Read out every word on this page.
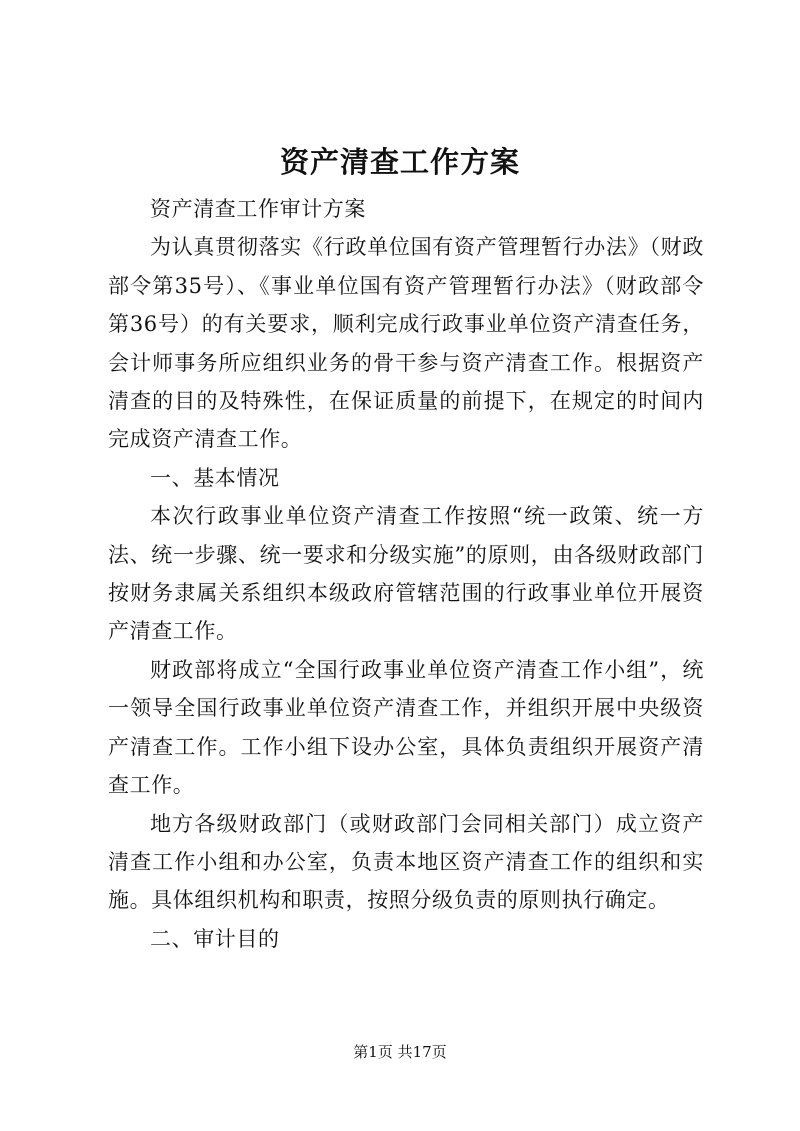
资产清查工作方案

资产清查工作审计方案

为认真贯彻落实《行政单位国有资产管理暂行办法》（财政部令第35号）、《事业单位国有资产管理暂行办法》（财政部令第36号）的有关要求，顺利完成行政事业单位资产清查任务，会计师事务所应组织业务的骨干参与资产清查工作。根据资产清查的目的及特殊性，在保证质量的前提下，在规定的时间内完成资产清查工作。

一、基本情况

本次行政事业单位资产清查工作按照“统一政策、统一方法、统一步骤、统一要求和分级实施”的原则，由各级财政部门按财务隶属关系组织本级政府管辖范围的行政事业单位开展资产清查工作。

财政部将成立“全国行政事业单位资产清查工作小组”，统一领导全国行政事业单位资产清查工作，并组织开展中央级资产清查工作。工作小组下设办公室，具体负责组织开展资产清查工作。

地方各级财政部门（或财政部门会同相关部门）成立资产清查工作小组和办公室，负责本地区资产清查工作的组织和实施。具体组织机构和职责，按照分级负责的原则执行确定。

二、审计目的

第1页 共17页
